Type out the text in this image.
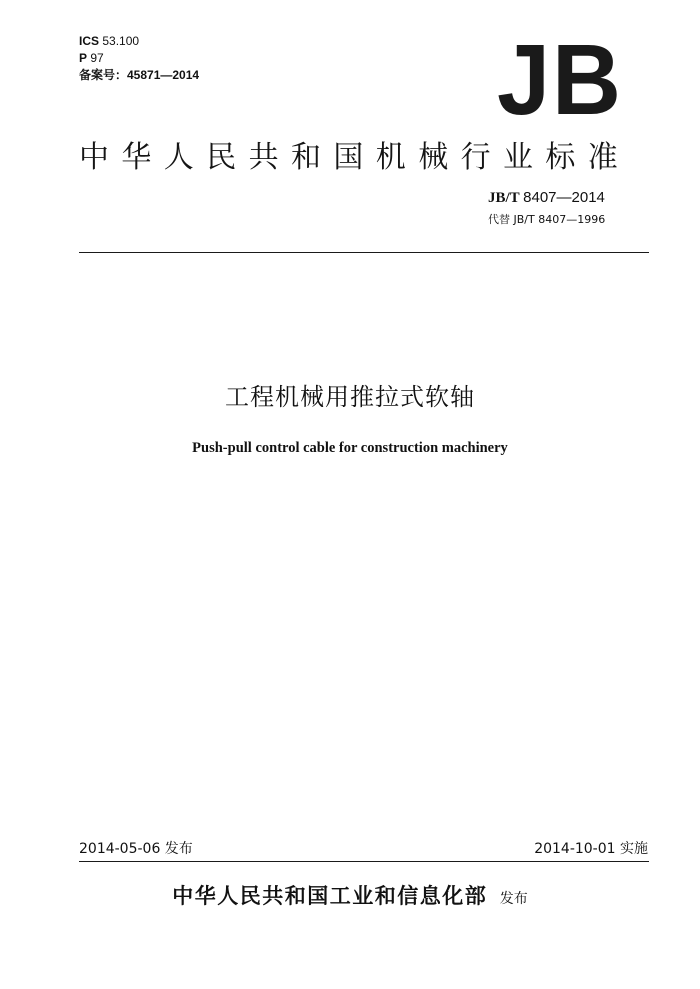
ICS 53.100
P 97
备案号：45871—2014	JB
中华人民共和国机械行业标准
JB/T 8407—2014
代替 JB/T 8407—1996
工程机械用推拉式软轴
Push-pull control cable for construction machinery
2014-05-06 发布	2014-10-01 实施
中华人民共和国工业和信息化部 发布
